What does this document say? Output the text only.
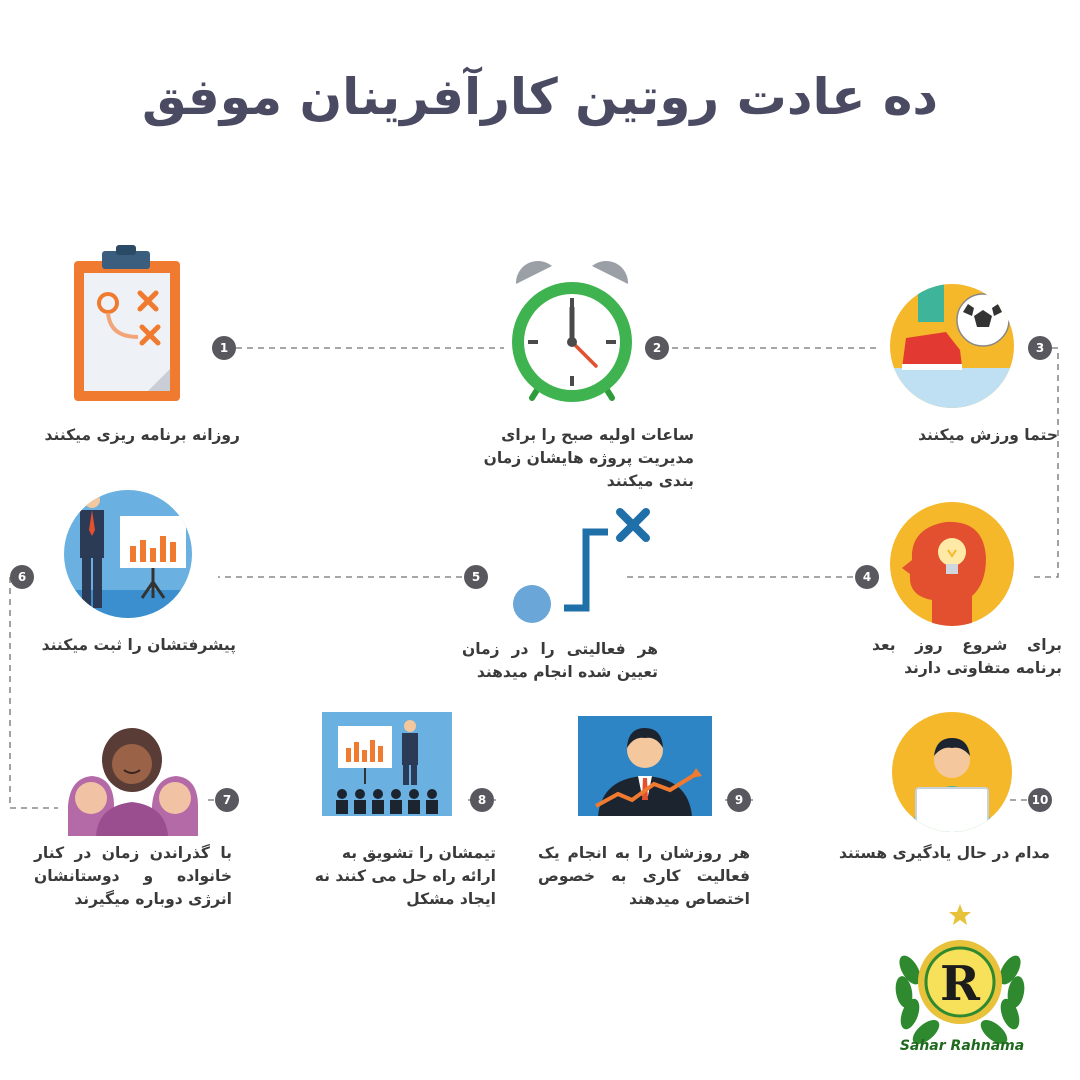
ده عادت روتین کارآفرینان موفق
1	2	3
4
5
6
7	8	9	10
روزانه برنامه ریزی میکنند	ساعات اولیه صبح را برای مدیریت پروژه هایشان زمان بندی میکنند
حتما ورزش میکنند
برای شروع روز بعد برنامه متفاوتی دارند
هر فعالیتی را در زمان تعیین شده انجام میدهند
پیشرفتشان را ثبت میکنند
با گذراندن زمان در کنار خانواده و دوستانشان انرژی دوباره میگیرند
تیمشان را تشویق به ارائه راه حل می کنند نه ایجاد مشکل
هر روزشان را به انجام یک فعالیت کاری به خصوص اختصاص میدهند
مدام در حال یادگیری هستند
R
Sahar Rahnama
